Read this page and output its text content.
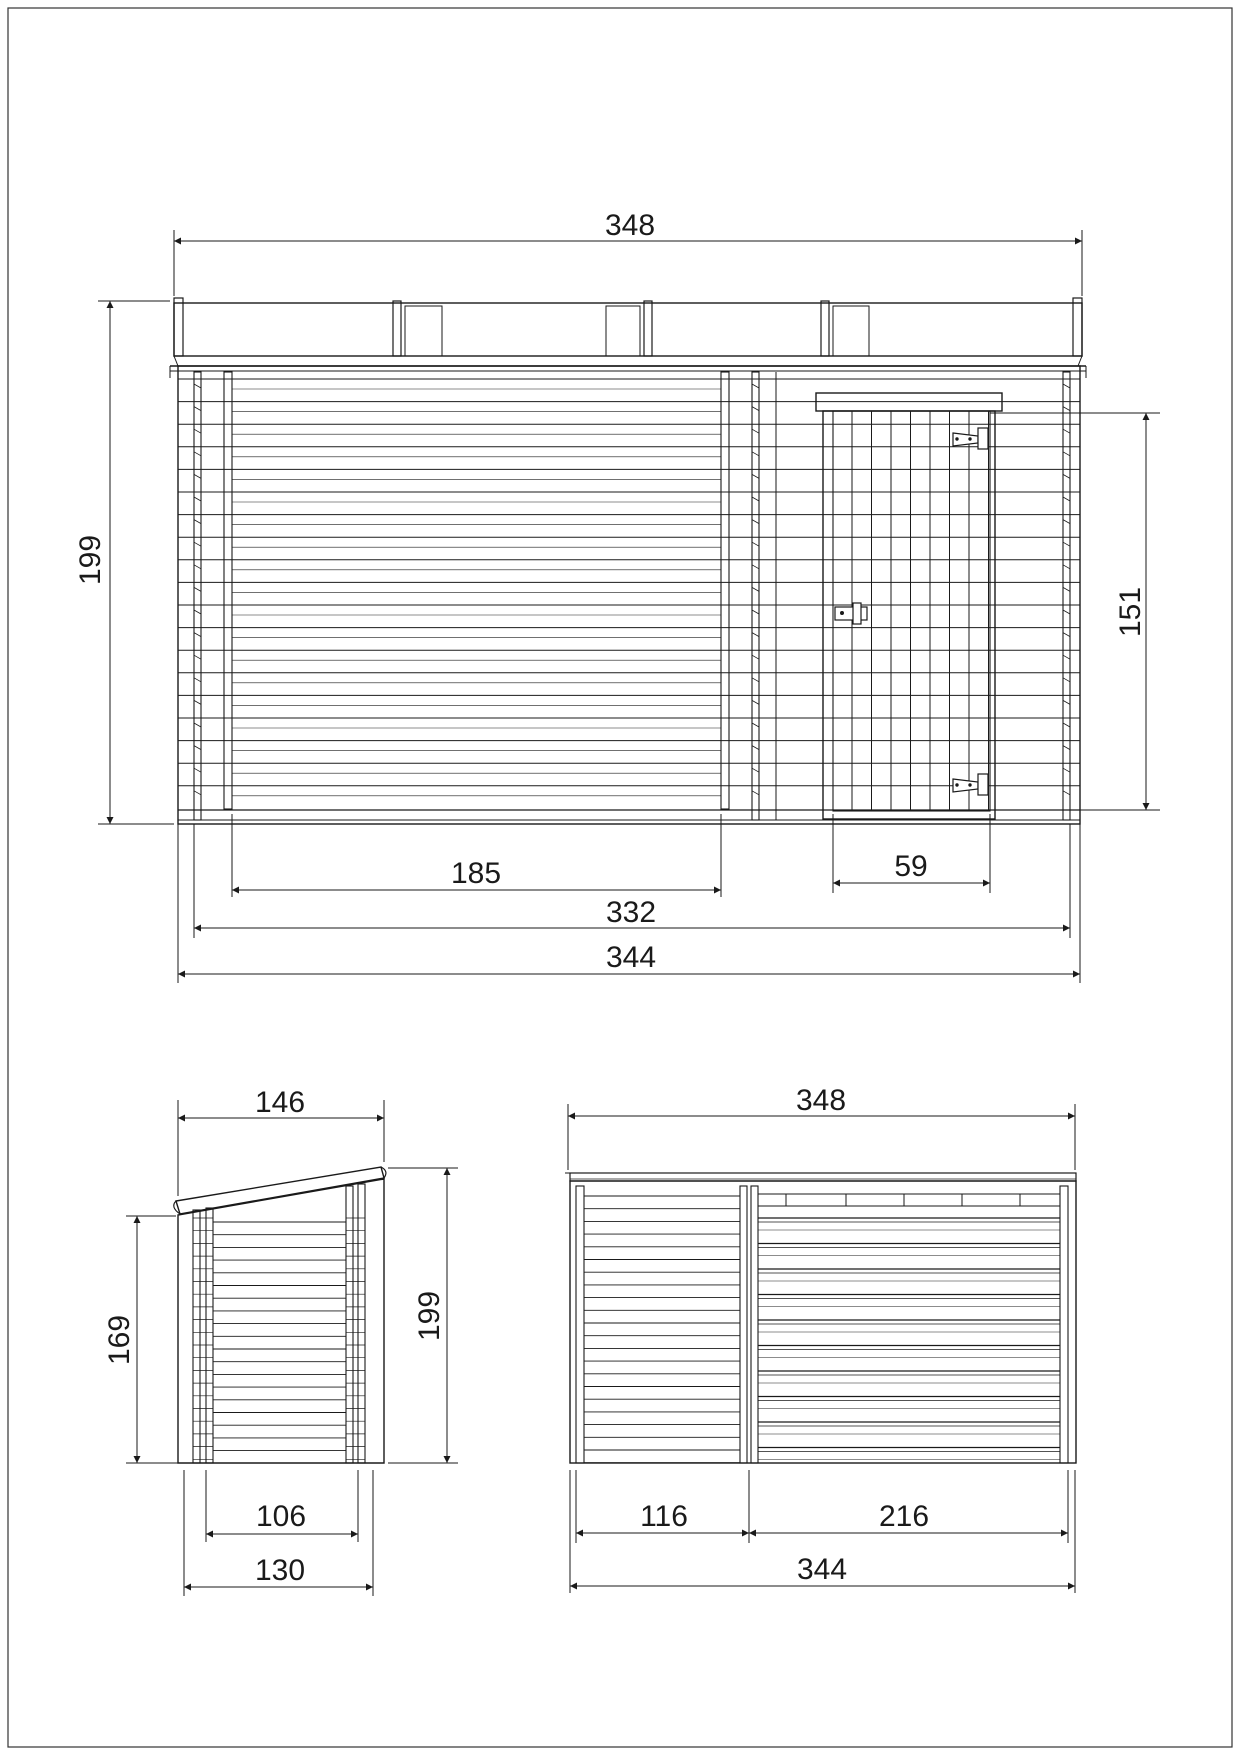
348
199
151
185	59
332
344
146
169	199
106
130
348
116	216
344
